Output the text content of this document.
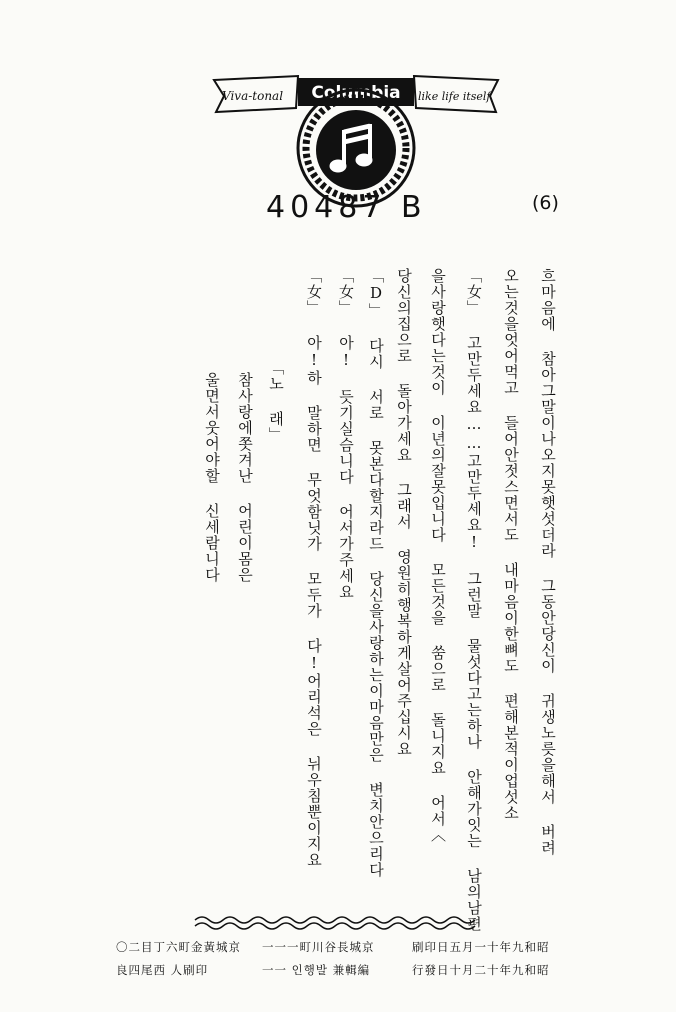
Viva-tonal Columbia like life itself
40487 B	(6)
흐마음에 참아그말이나오지못햇섯더라 그동안당신이 귀생노릇을해서 버려
오는것을엇어먹고 들어안젓스면서도 내마음이한뼈도 편해본적이업섯소
「女」 고만두세요……고만두세요! 그런말 물섯다고는하나 안해가잇는 남의남편
을사랑햇다는것이 이년의잘못입니다 모든것을 쑴으로 돌니지요 어서〈
당신의집으로 돌아가세요 그래서 영원히행복하게살어주십시요
「D」 다시 서로 못본다할지라드 당신을사랑하는이마음만은 변치안으리다
「女」 아! 듯기실슴니다 어서가주세요
「女」 아!하 말하면 무엇함닛가 모두가 다!어리석은 뉘우침뿐이지요
「노 래」
참사랑에쫏겨난 어린이몸은
울면서웃어야할 신세람니다
昭和九年十一月五日印刷
昭和九年十二月十日發行
京城長谷川町一一一
編輯兼 발행인 一一
京城黃金町六丁目二〇
印刷人 西尾四良
